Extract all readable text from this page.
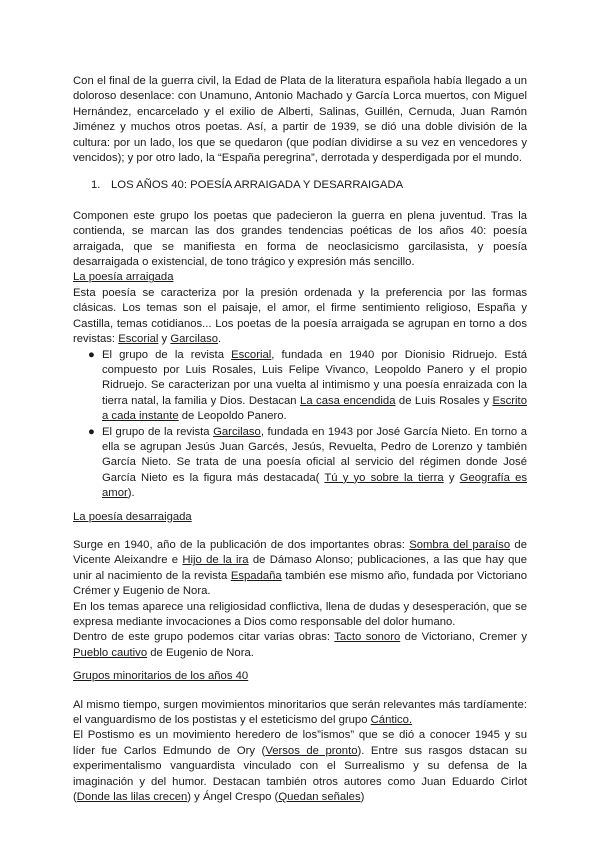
Con el final de la guerra civil, la Edad de Plata de la literatura española había llegado a un doloroso desenlace: con Unamuno, Antonio Machado y García Lorca muertos, con Miguel Hernández, encarcelado y el exilio de Alberti, Salinas, Guillén, Cernuda, Juan Ramón Jiménez y muchos otros poetas. Así, a partir de 1939, se dió una doble división de la cultura: por un lado, los que se quedaron (que podían dividirse a su vez en vencedores y vencidos); y por otro lado, la “España peregrina”, derrotada y desperdigada por el mundo.

1. LOS AÑOS 40: POESÍA ARRAIGADA Y DESARRAIGADA

Componen este grupo los poetas que padecieron la guerra en plena juventud. Tras la contienda, se marcan las dos grandes tendencias poéticas de los años 40: poesía arraigada, que se manifiesta en forma de neoclasicismo garcilasista, y poesía desarraigada o existencial, de tono trágico y expresión más sencillo.

La poesía arraigada

Esta poesía se caracteriza por la presión ordenada y la preferencia por las formas clásicas. Los temas son el paisaje, el amor, el firme sentimiento religioso, España y Castilla, temas cotidianos... Los poetas de la poesía arraigada se agrupan en torno a dos revistas: Escorial y Garcilaso.

● El grupo de la revista Escorial, fundada en 1940 por Dionisio Ridruejo. Está compuesto por Luis Rosales, Luis Felipe Vivanco, Leopoldo Panero y el propio Ridruejo. Se caracterizan por una vuelta al intimismo y una poesía enraizada con la tierra natal, la familia y Dios. Destacan La casa encendida de Luis Rosales y Escrito a cada instante de Leopoldo Panero.
● El grupo de la revista Garcilaso, fundada en 1943 por José García Nieto. En torno a ella se agrupan Jesús Juan Garcés, Jesús, Revuelta, Pedro de Lorenzo y también García Nieto. Se trata de una poesía oficial al servicio del régimen donde José García Nieto es la figura más destacada( Tú y yo sobre la tierra y Geografía es amor).
La poesía desarraigada

Surge en 1940, año de la publicación de dos importantes obras: Sombra del paraíso de Vicente Aleixandre e Hijo de la ira de Dámaso Alonso; publicaciones, a las que hay que unir al nacimiento de la revista Espadaña también ese mismo año, fundada por Victoriano Crémer y Eugenio de Nora.

En los temas aparece una religiosidad conflictiva, llena de dudas y desesperación, que se expresa mediante invocaciones a Dios como responsable del dolor humano.

Dentro de este grupo podemos citar varias obras: Tacto sonoro de Victoriano, Cremer y Pueblo cautivo de Eugenio de Nora.

Grupos minoritarios de los años 40

Al mismo tiempo, surgen movimientos minoritarios que serán relevantes más tardíamente: el vanguardismo de los postistas y el esteticismo del grupo Cántico.

El Postismo es un movimiento heredero de los”ismos” que se dió a conocer 1945 y su líder fue Carlos Edmundo de Ory (Versos de pronto). Entre sus rasgos dstacan su experimentalismo vanguardista vinculado con el Surrealismo y su defensa de la imaginación y del humor. Destacan también otros autores como Juan Eduardo Cirlot (Donde las lilas crecen) y Ángel Crespo (Quedan señales)
